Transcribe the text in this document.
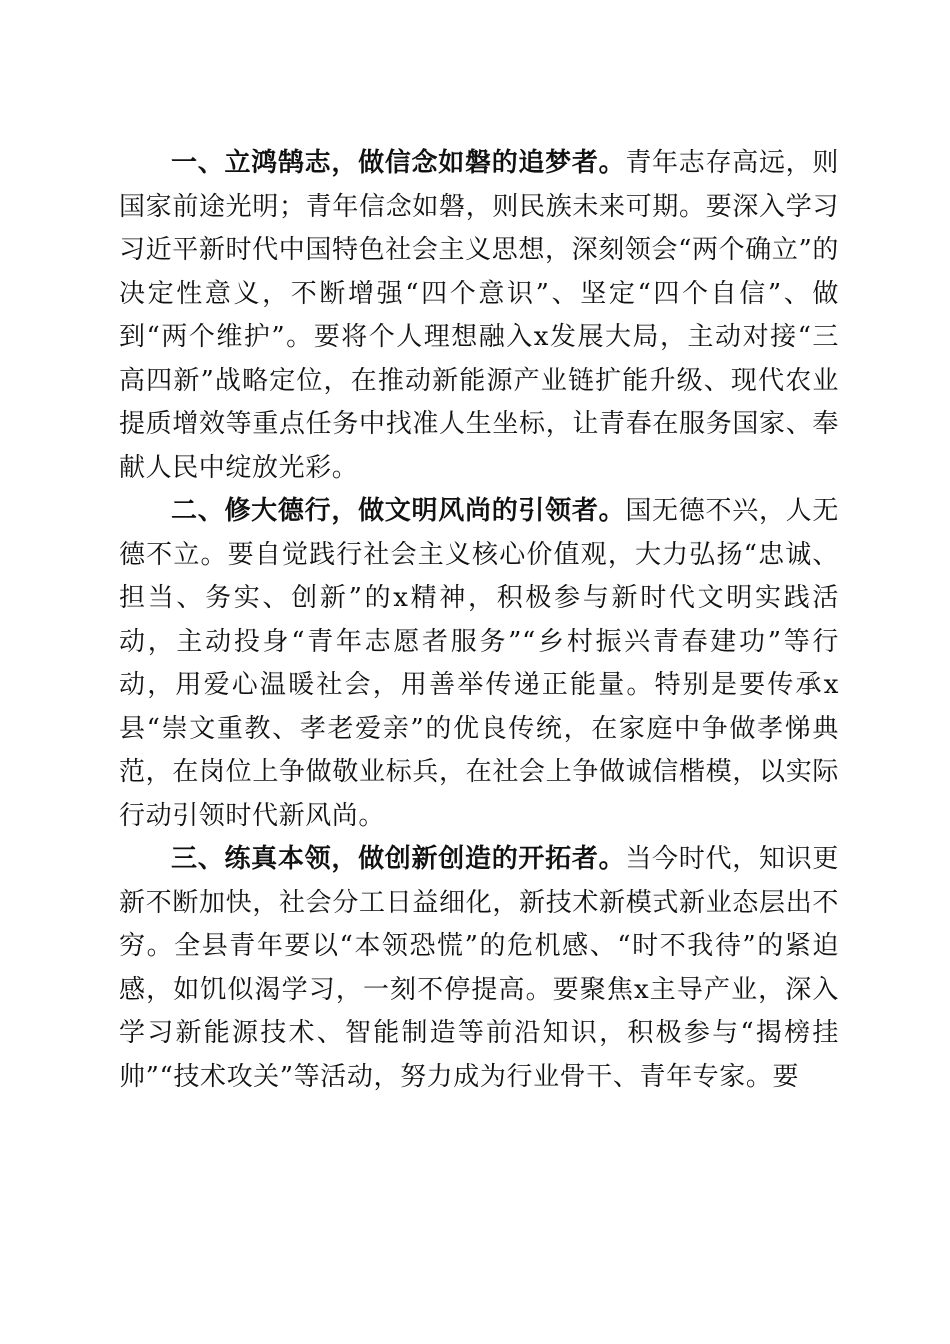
一、立鸿鹄志，做信念如磐的追梦者。青年志存高远，则国家前途光明；青年信念如磐，则民族未来可期。要深入学习习近平新时代中国特色社会主义思想，深刻领会“两个确立”的决定性意义，不断增强“四个意识”、坚定“四个自信”、做到“两个维护”。要将个人理想融入x发展大局，主动对接“三高四新”战略定位，在推动新能源产业链扩能升级、现代农业提质增效等重点任务中找准人生坐标，让青春在服务国家、奉献人民中绽放光彩。

二、修大德行，做文明风尚的引领者。国无德不兴，人无德不立。要自觉践行社会主义核心价值观，大力弘扬“忠诚、担当、务实、创新”的x精神，积极参与新时代文明实践活动，主动投身“青年志愿者服务”“乡村振兴青春建功”等行动，用爱心温暖社会，用善举传递正能量。特别是要传承x县“崇文重教、孝老爱亲”的优良传统，在家庭中争做孝悌典范，在岗位上争做敬业标兵，在社会上争做诚信楷模，以实际行动引领时代新风尚。

三、练真本领，做创新创造的开拓者。当今时代，知识更新不断加快，社会分工日益细化，新技术新模式新业态层出不穷。全县青年要以“本领恐慌”的危机感、“时不我待”的紧迫感，如饥似渴学习，一刻不停提高。要聚焦x主导产业，深入学习新能源技术、智能制造等前沿知识，积极参与“揭榜挂帅”“技术攻关”等活动，努力成为行业骨干、青年专家。要
